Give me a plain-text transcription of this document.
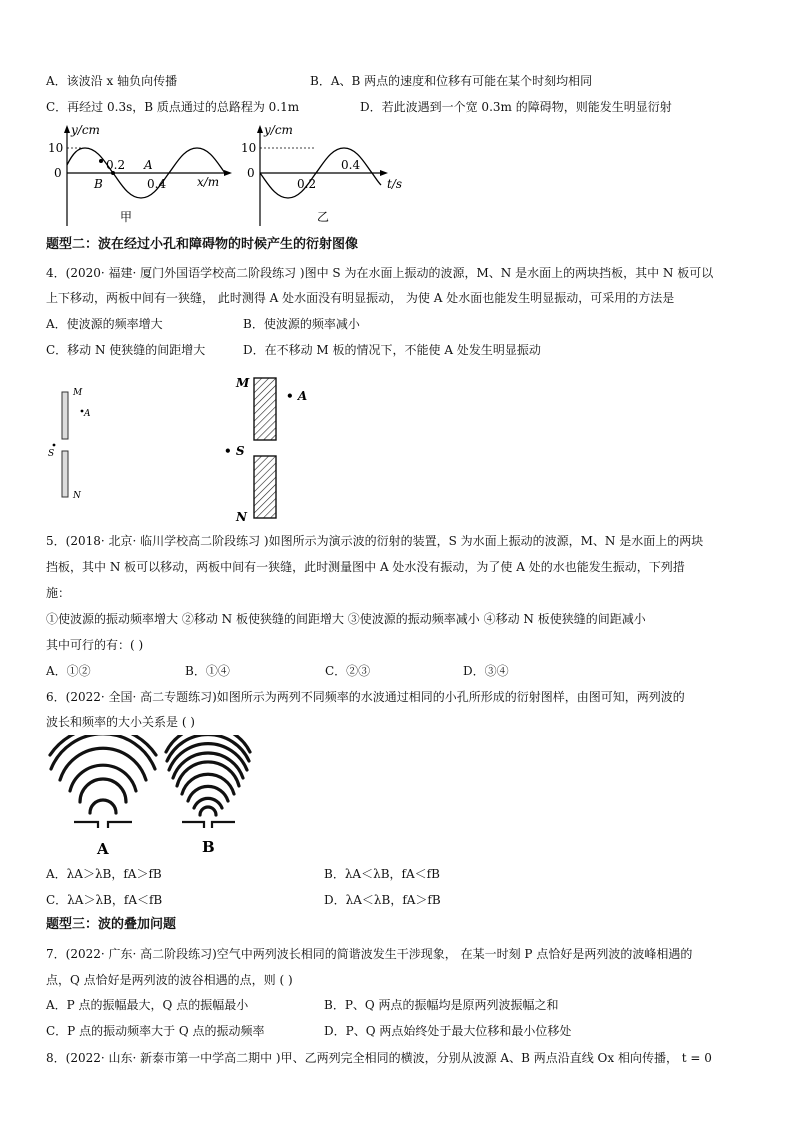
A．该波沿 x 轴负向传播	B．A、B 两点的速度和位移有可能在某个时刻均相同
C．再经过 0.3s，B 质点通过的总路程为 0.1m	D．若此波遇到一个宽 0.3m 的障碍物，则能发生明显衍射
y/cm
10
0
0.2 A
B	0.4	x/m
甲
y/cm
10
0
0.2
0.4
t/s
乙
题型二：波在经过小孔和障碍物的时候产生的衍射图像
4．(2020· 福建· 厦门外国语学校高二阶段练习 )图中 S 为在水面上振动的波源，M、N 是水面上的两块挡板，其中 N 板可以
上下移动，两板中间有一狭缝， 此时测得 A 处水面没有明显振动， 为使 A 处水面也能发生明显振动，可采用的方法是
A．使波源的频率增大	B．使波源的频率减小
C．移动 N 使狭缝的间距增大	D．在不移动 M 板的情况下，不能使 A 处发生明显振动
M
A
S
N
M
• A
• S
N
5．(2018· 北京· 临川学校高二阶段练习 )如图所示为演示波的衍射的装置，S 为水面上振动的波源，M、N 是水面上的两块
挡板，其中 N 板可以移动，两板中间有一狭缝，此时测量图中 A 处水没有振动，为了使 A 处的水也能发生振动，下列措
施：
①使波源的振动频率增大 ②移动 N 板使狭缝的间距增大 ③使波源的振动频率减小 ④移动 N 板使狭缝的间距减小
其中可行的有：( )
A．①②	B．①④	C．②③	D．③④
6．(2022· 全国· 高二专题练习)如图所示为两列不同频率的水波通过相同的小孔所形成的衍射图样，由图可知，两列波的
波长和频率的大小关系是 ( )
A	B
A．λA＞λB，fA＞fB	B．λA＜λB，fA＜fB
C．λA＞λB，fA＜fB	D．λA＜λB，fA＞fB
题型三：波的叠加问题
7．(2022· 广东· 高二阶段练习)空气中两列波长相同的简谐波发生干涉现象， 在某一时刻 P 点恰好是两列波的波峰相遇的
点，Q 点恰好是两列波的波谷相遇的点，则 ( )
A．P 点的振幅最大，Q 点的振幅最小	B．P、Q 两点的振幅均是原两列波振幅之和
C．P 点的振动频率大于 Q 点的振动频率	D．P、Q 两点始终处于最大位移和最小位移处
8．(2022· 山东· 新泰市第一中学高二期中 )甲、乙两列完全相同的横波，分别从波源 A、B 两点沿直线 Ox 相向传播， t = 0
